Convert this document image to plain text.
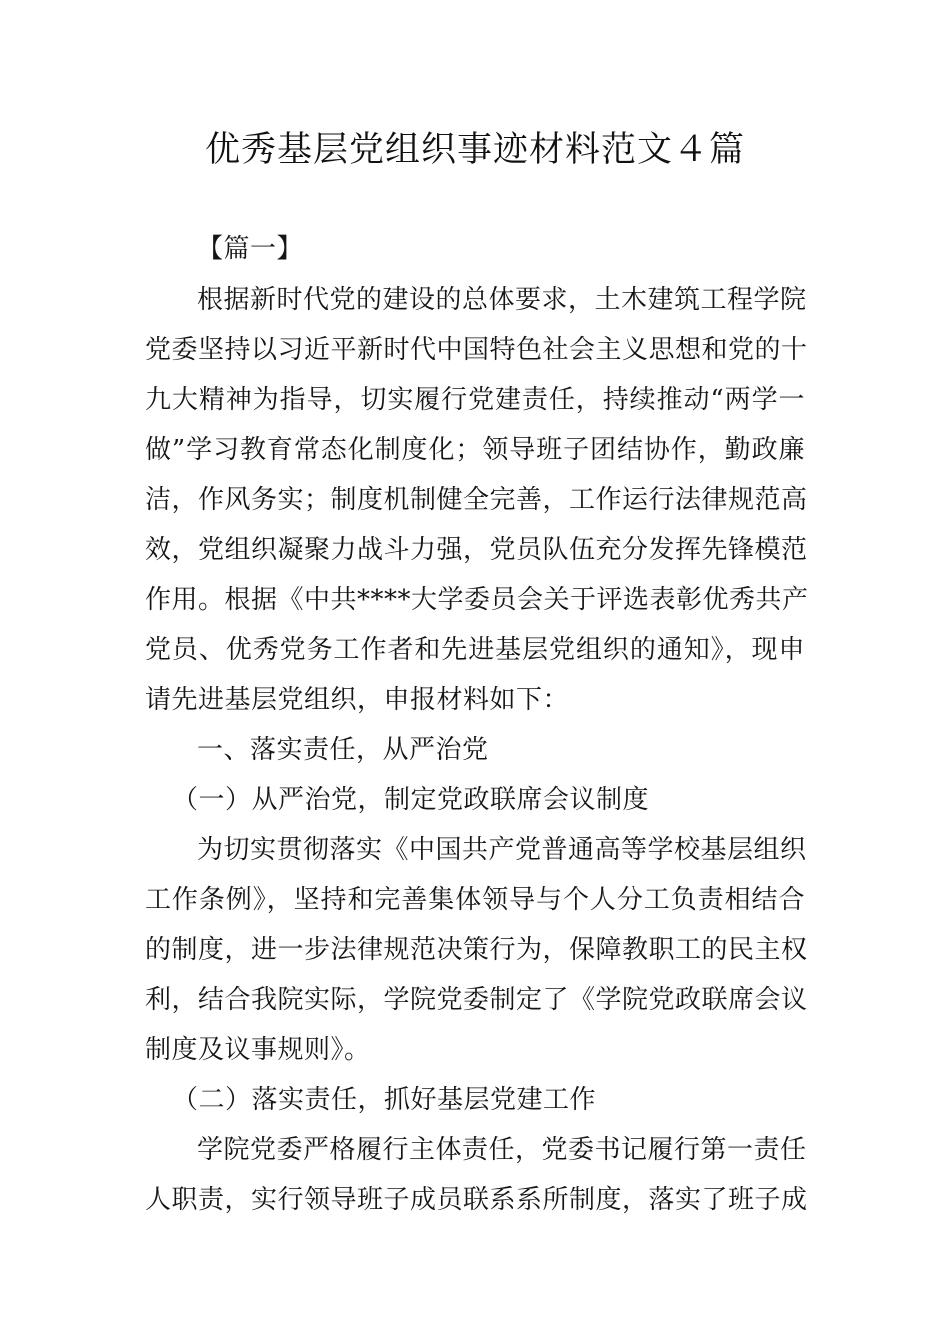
优秀基层党组织事迹材料范文４篇
【篇一】
根据新时代党的建设的总体要求，土木建筑工程学院
党委坚持以习近平新时代中国特色社会主义思想和党的十
九大精神为指导，切实履行党建责任，持续推动“两学一
做”学习教育常态化制度化；领导班子团结协作，勤政廉
洁，作风务实；制度机制健全完善，工作运行法律规范高
效，党组织凝聚力战斗力强，党员队伍充分发挥先锋模范
作用。根据《中共****大学委员会关于评选表彰优秀共产
党员、优秀党务工作者和先进基层党组织的通知》，现申
请先进基层党组织，申报材料如下：
一、落实责任，从严治党
（一）从严治党，制定党政联席会议制度
为切实贯彻落实《中国共产党普通高等学校基层组织
工作条例》，坚持和完善集体领导与个人分工负责相结合
的制度，进一步法律规范决策行为，保障教职工的民主权
利，结合我院实际，学院党委制定了《学院党政联席会议
制度及议事规则》。
（二）落实责任，抓好基层党建工作
学院党委严格履行主体责任，党委书记履行第一责任
人职责，实行领导班子成员联系系所制度，落实了班子成
